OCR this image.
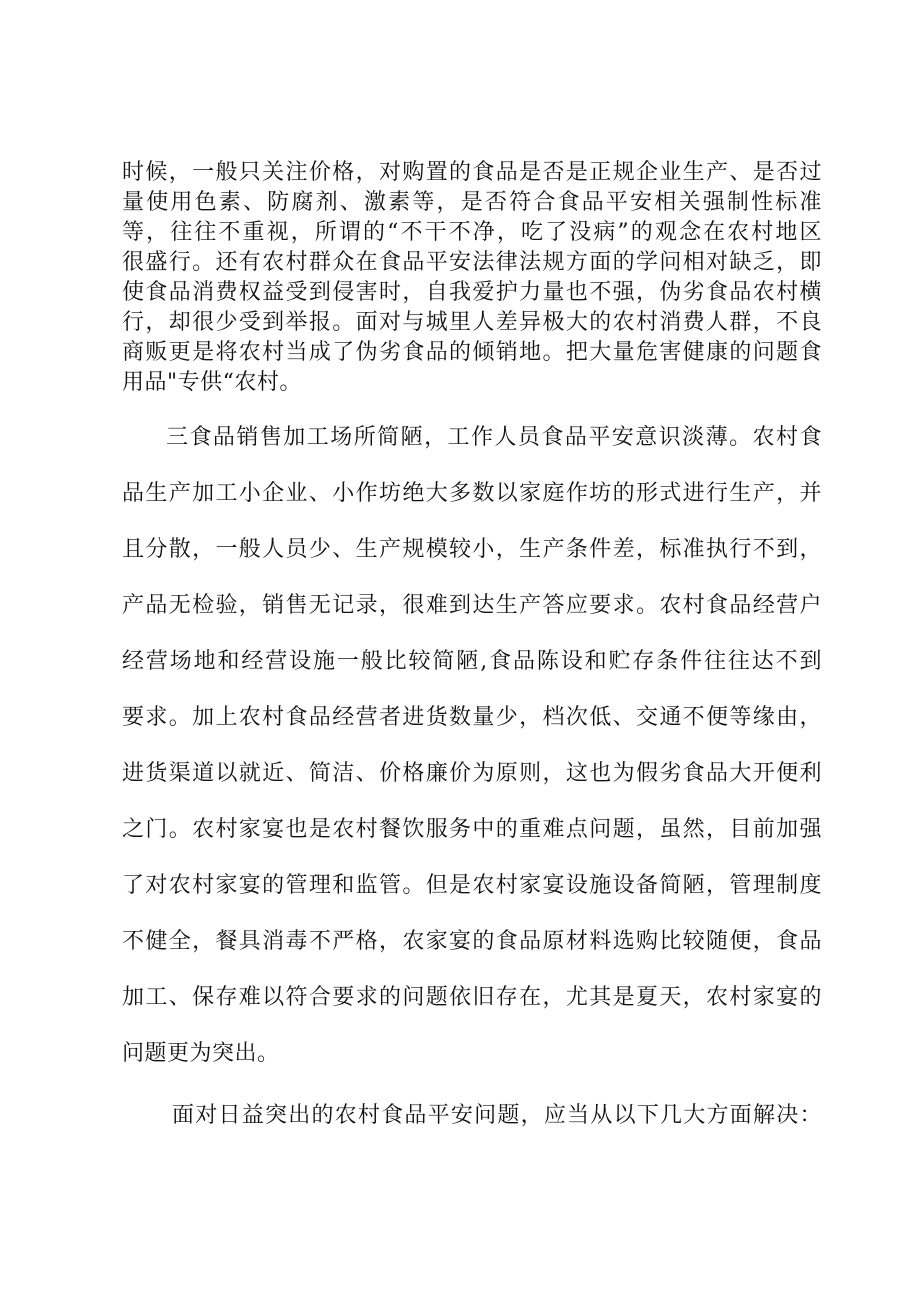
时候，一般只关注价格，对购置的食品是否是正规企业生产、是否过
量使用色素、防腐剂、激素等，是否符合食品平安相关强制性标准
等，往往不重视，所谓的“不干不净，吃了没病”的观念在农村地区
很盛行。还有农村群众在食品平安法律法规方面的学问相对缺乏，即
使食品消费权益受到侵害时，自我爱护力量也不强，伪劣食品农村横
行，却很少受到举报。面对与城里人差异极大的农村消费人群，不良
商贩更是将农村当成了伪劣食品的倾销地。把大量危害健康的问题食
用品"专供“农村。
三食品销售加工场所简陋，工作人员食品平安意识淡薄。农村食
品生产加工小企业、小作坊绝大多数以家庭作坊的形式进行生产，并
且分散，一般人员少、生产规模较小，生产条件差，标准执行不到，
产品无检验，销售无记录，很难到达生产答应要求。农村食品经营户
经营场地和经营设施一般比较简陋,食品陈设和贮存条件往往达不到
要求。加上农村食品经营者进货数量少，档次低、交通不便等缘由，
进货渠道以就近、简洁、价格廉价为原则，这也为假劣食品大开便利
之门。农村家宴也是农村餐饮服务中的重难点问题，虽然，目前加强
了对农村家宴的管理和监管。但是农村家宴设施设备简陋，管理制度
不健全，餐具消毒不严格，农家宴的食品原材料选购比较随便，食品
加工、保存难以符合要求的问题依旧存在，尤其是夏天，农村家宴的
问题更为突出。
面对日益突出的农村食品平安问题，应当从以下几大方面解决：
